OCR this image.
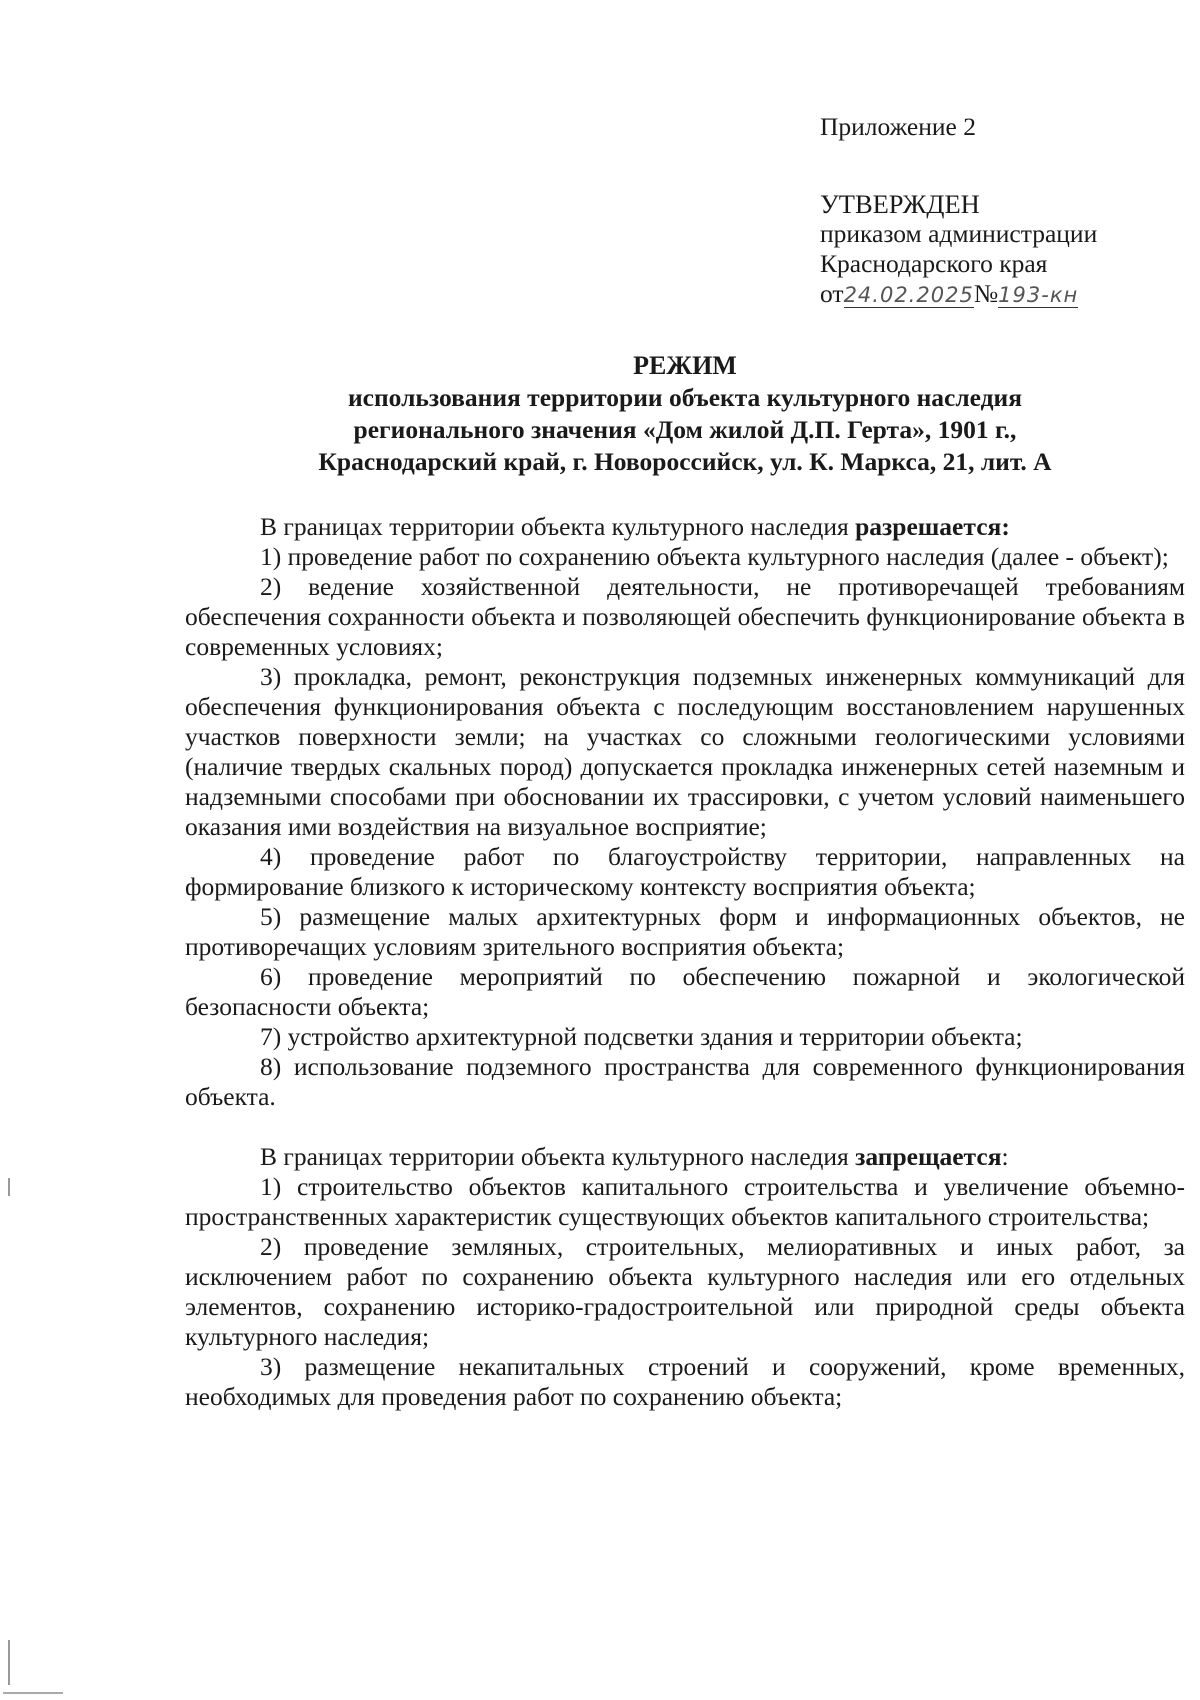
Приложение 2
УТВЕРЖДЕН
приказом администрации
Краснодарского края
от24.02.2025№193-кн
РЕЖИМ
использования территории объекта культурного наследия
регионального значения «Дом жилой Д.П. Герта», 1901 г.,
Краснодарский край, г. Новороссийск, ул. К. Маркса, 21, лит. А

В границах территории объекта культурного наследия разрешается:

1) проведение работ по сохранению объекта культурного наследия (далее - объект);

2) ведение хозяйственной деятельности, не противоречащей требованиям обеспечения сохранности объекта и позволяющей обеспечить функционирование объекта в современных условиях;

3) прокладка, ремонт, реконструкция подземных инженерных коммуникаций для обеспечения функционирования объекта с последующим восстановлением нарушенных участков поверхности земли; на участках со сложными геологическими условиями (наличие твердых скальных пород) допускается прокладка инженерных сетей наземным и надземными способами при обосновании их трассировки, с учетом условий наименьшего оказания ими воздействия на визуальное восприятие;

4) проведение работ по благоустройству территории, направленных на формирование близкого к историческому контексту восприятия объекта;

5) размещение малых архитектурных форм и информационных объектов, не противоречащих условиям зрительного восприятия объекта;

6) проведение мероприятий по обеспечению пожарной и экологической безопасности объекта;

7) устройство архитектурной подсветки здания и территории объекта;

8) использование подземного пространства для современного функционирования объекта.

В границах территории объекта культурного наследия запрещается:

1) строительство объектов капитального строительства и увеличение объемно-пространственных характеристик существующих объектов капитального строительства;

2) проведение земляных, строительных, мелиоративных и иных работ, за исключением работ по сохранению объекта культурного наследия или его отдельных элементов, сохранению историко-градостроительной или природной среды объекта культурного наследия;

3) размещение некапитальных строений и сооружений, кроме временных, необходимых для проведения работ по сохранению объекта;
